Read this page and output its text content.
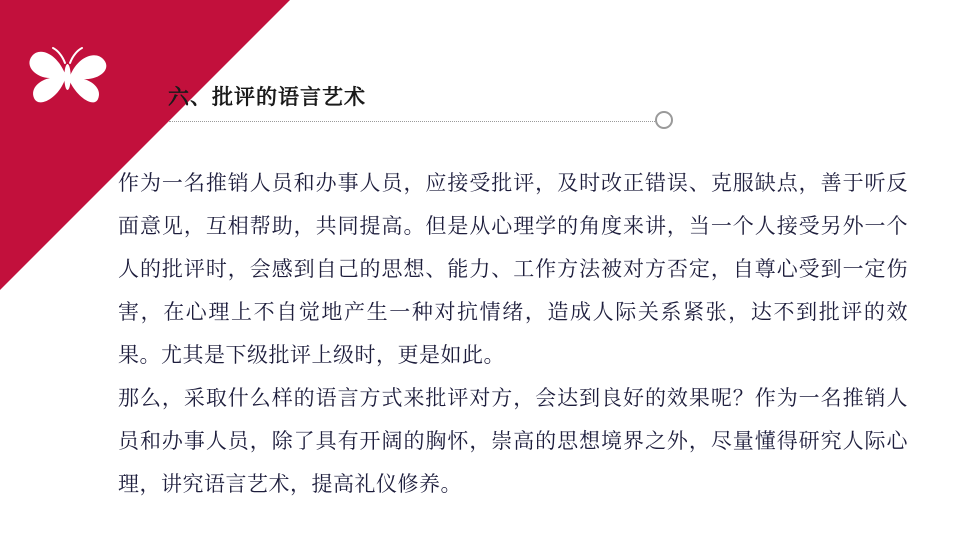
六、批评的语言艺术

作为一名推销人员和办事人员，应接受批评，及时改正错误、克服缺点，善于听反面意见，互相帮助，共同提高。但是从心理学的角度来讲，当一个人接受另外一个人的批评时，会感到自己的思想、能力、工作方法被对方否定，自尊心受到一定伤害，在心理上不自觉地产生一种对抗情绪，造成人际关系紧张，达不到批评的效果。尤其是下级批评上级时，更是如此。

那么，采取什么样的语言方式来批评对方，会达到良好的效果呢？作为一名推销人员和办事人员，除了具有开阔的胸怀，崇高的思想境界之外，尽量懂得研究人际心理，讲究语言艺术，提高礼仪修养。
